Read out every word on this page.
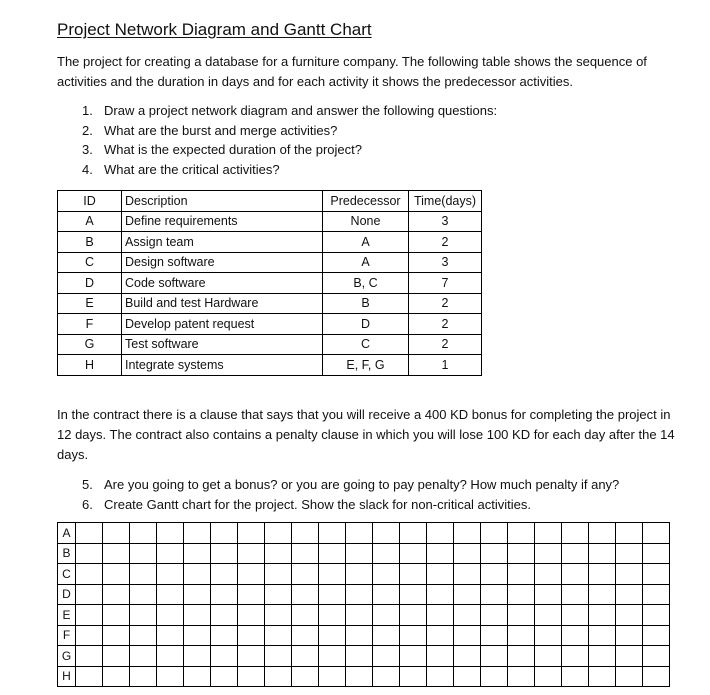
Project Network Diagram and Gantt Chart
The project for creating a database for a furniture company. The following table shows the sequence of activities and the duration in days and for each activity it shows the predecessor activities.
1. Draw a project network diagram and answer the following questions:
2. What are the burst and merge activities?
3. What is the expected duration of the project?
4. What are the critical activities?
ID	Description	Predecessor	Time(days)
A	Define requirements	None	3
B	Assign team	A	2
C	Design software	A	3
D	Code software	B, C	7
E	Build and test Hardware	B	2
F	Develop patent request	D	2
G	Test software	C	2
H	Integrate systems	E, F, G	1
In the contract there is a clause that says that you will receive a 400 KD bonus for completing the project in 12 days. The contract also contains a penalty clause in which you will lose 100 KD for each day after the 14 days.
5. Are you going to get a bonus? or you are going to pay penalty? How much penalty if any?
6. Create Gantt chart for the project. Show the slack for non-critical activities.
A																						
B																						
C																						
D																						
E																						
F																						
G																						
H																						
